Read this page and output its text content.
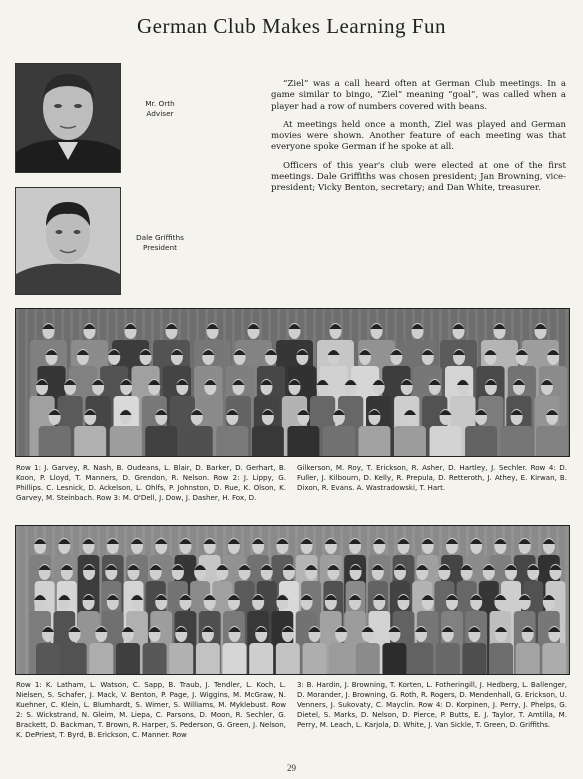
German Club Makes Learning Fun
Mr. Orth
Adviser
Dale Griffiths
President

“Ziel” was a call heard often at German Club meetings. In a game similar to bingo, “Ziel” meaning “goal”, was called when a player had a row of numbers covered with beans.

At meetings held once a month, Ziel was played and German movies were shown. Another feature of each meeting was that everyone spoke German if he spoke at all.

Officers of this year's club were elected at one of the first meetings. Dale Griffiths was chosen president; Jan Browning, vice-president; Vicky Benton, secretary; and Dan White, treasurer.

Row 1: J. Garvey, R. Nash, B. Oudeans, L. Blair, D. Barker, D. Gerhart, B. Koon, P. Lloyd, T. Manners, D. Grendon, R. Nelson. Row 2: J. Lippy, G. Phillips. C. Lesnick, D. Ackelson, L. Ohlfs, P. Johnston, D. Rue, K. Olson, K. Garvey, M. Steinbach. Row 3: M. O'Dell, J. Dow, J. Dasher, H. Fox, D.
Gilkerson, M. Roy, T. Erickson, R. Asher, D. Hartley, J. Sechler. Row 4: D. Fuller, J. Kilbourn, D. Kelly, R. Prepula, D. Retteroth, J. Athey, E. Kirwan, B. Dixon, R. Evans. A. Wastradowski, T. Hart.
Row 1: K. Latham, L. Watson, C. Sapp, B. Traub, J. Tendler, L. Koch, L. Nielsen, S. Schafer, J. Mack, V. Benton, P. Page, J. Wiggins, M. McGraw, N. Kuehner, C. Klein, L. Blumhardt, S. Wimer, S. Williams, M. Myklebust. Row 2: S. Wickstrand, N. Gleim, M. Liepa, C. Parsons, D. Moon, R. Sechler, G. Brackett, D. Backman, T. Brown, R. Harper, S. Pederson, G. Green, J. Nelson, K. DePriest, T. Byrd, B. Erickson, C. Manner. Row
3: B. Hardin, J. Browning, T. Korten, L. Fotheringill, J. Hedberg, L. Ballenger, D. Morander, J. Browning, G. Roth, R. Rogers, D. Mendenhall, G. Erickson, U. Venners, J. Sukovaty, C. Mayclin. Row 4: D. Korpinen, J. Perry, J. Phelps, G. Dietel, S. Marks, D. Nelson, D. Pierce, P. Butts, E. J. Taylor, T. Amtilla, M. Perry, M. Leach, L. Karjola, D. White, J. Van Sickle, T. Green, D. Griffiths.
29
